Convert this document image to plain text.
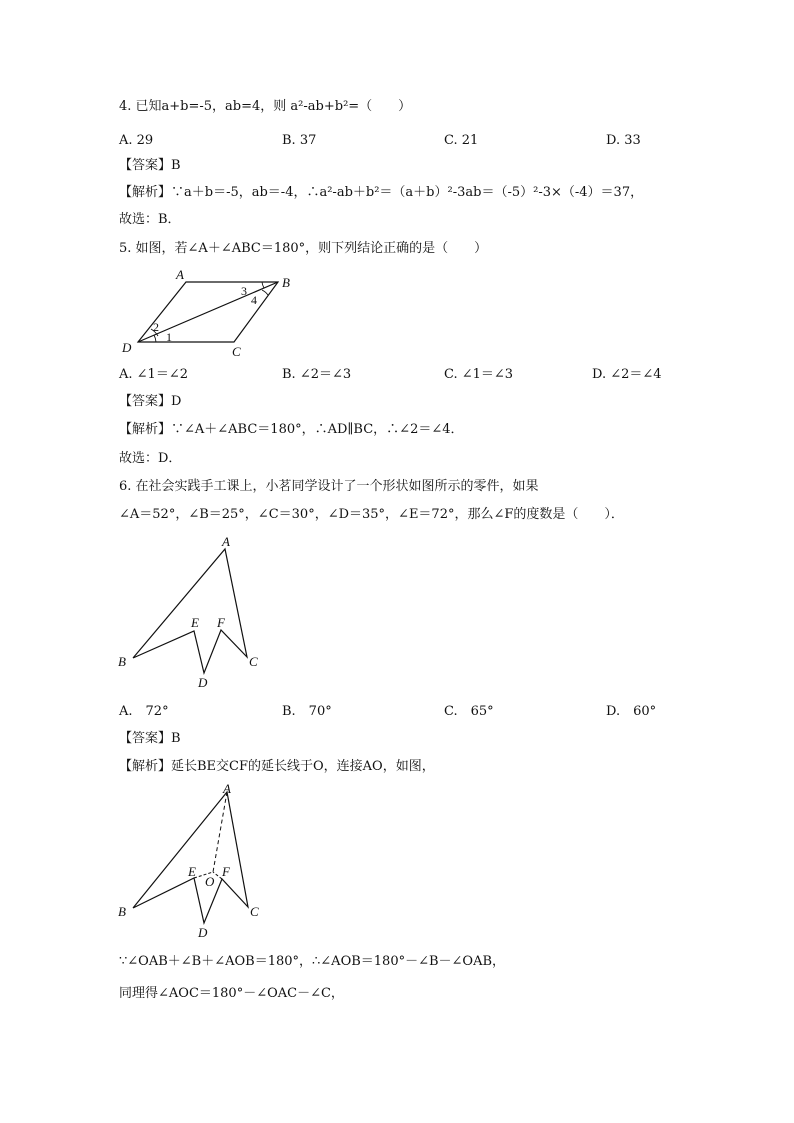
4. 已知a+b=-5，ab=4，则 a²-ab+b²=（　　）
A. 29	B. 37	C. 21	D. 33
【答案】B
【解析】∵a＋b＝-5，ab＝-4，∴a²-ab＋b²＝（a＋b）²-3ab＝（-5）²-3×（-4）＝37，
故选：B．
5. 如图，若∠A＋∠ABC＝180°，则下列结论正确的是（　　）
A
B
C
D
1
2
3
4
A. ∠1＝∠2	B. ∠2＝∠3	C. ∠1＝∠3	D. ∠2＝∠4
【答案】D
【解析】∵∠A＋∠ABC＝180°，∴AD∥BC，∴∠2＝∠4．
故选：D．
6. 在社会实践手工课上，小茗同学设计了一个形状如图所示的零件，如果
∠A＝52°，∠B＝25°，∠C＝30°，∠D＝35°，∠E＝72°，那么∠F的度数是（　　）．
A
B	C
D
E F
A.　72°	B.　70°	C.　65°	D.　60°
【答案】B
【解析】延长BE交CF的延长线于O，连接AO，如图，
A
B	C
D
E F
O
∵∠OAB＋∠B＋∠AOB＝180°，∴∠AOB＝180°－∠B－∠OAB，
同理得∠AOC＝180°－∠OAC－∠C，
